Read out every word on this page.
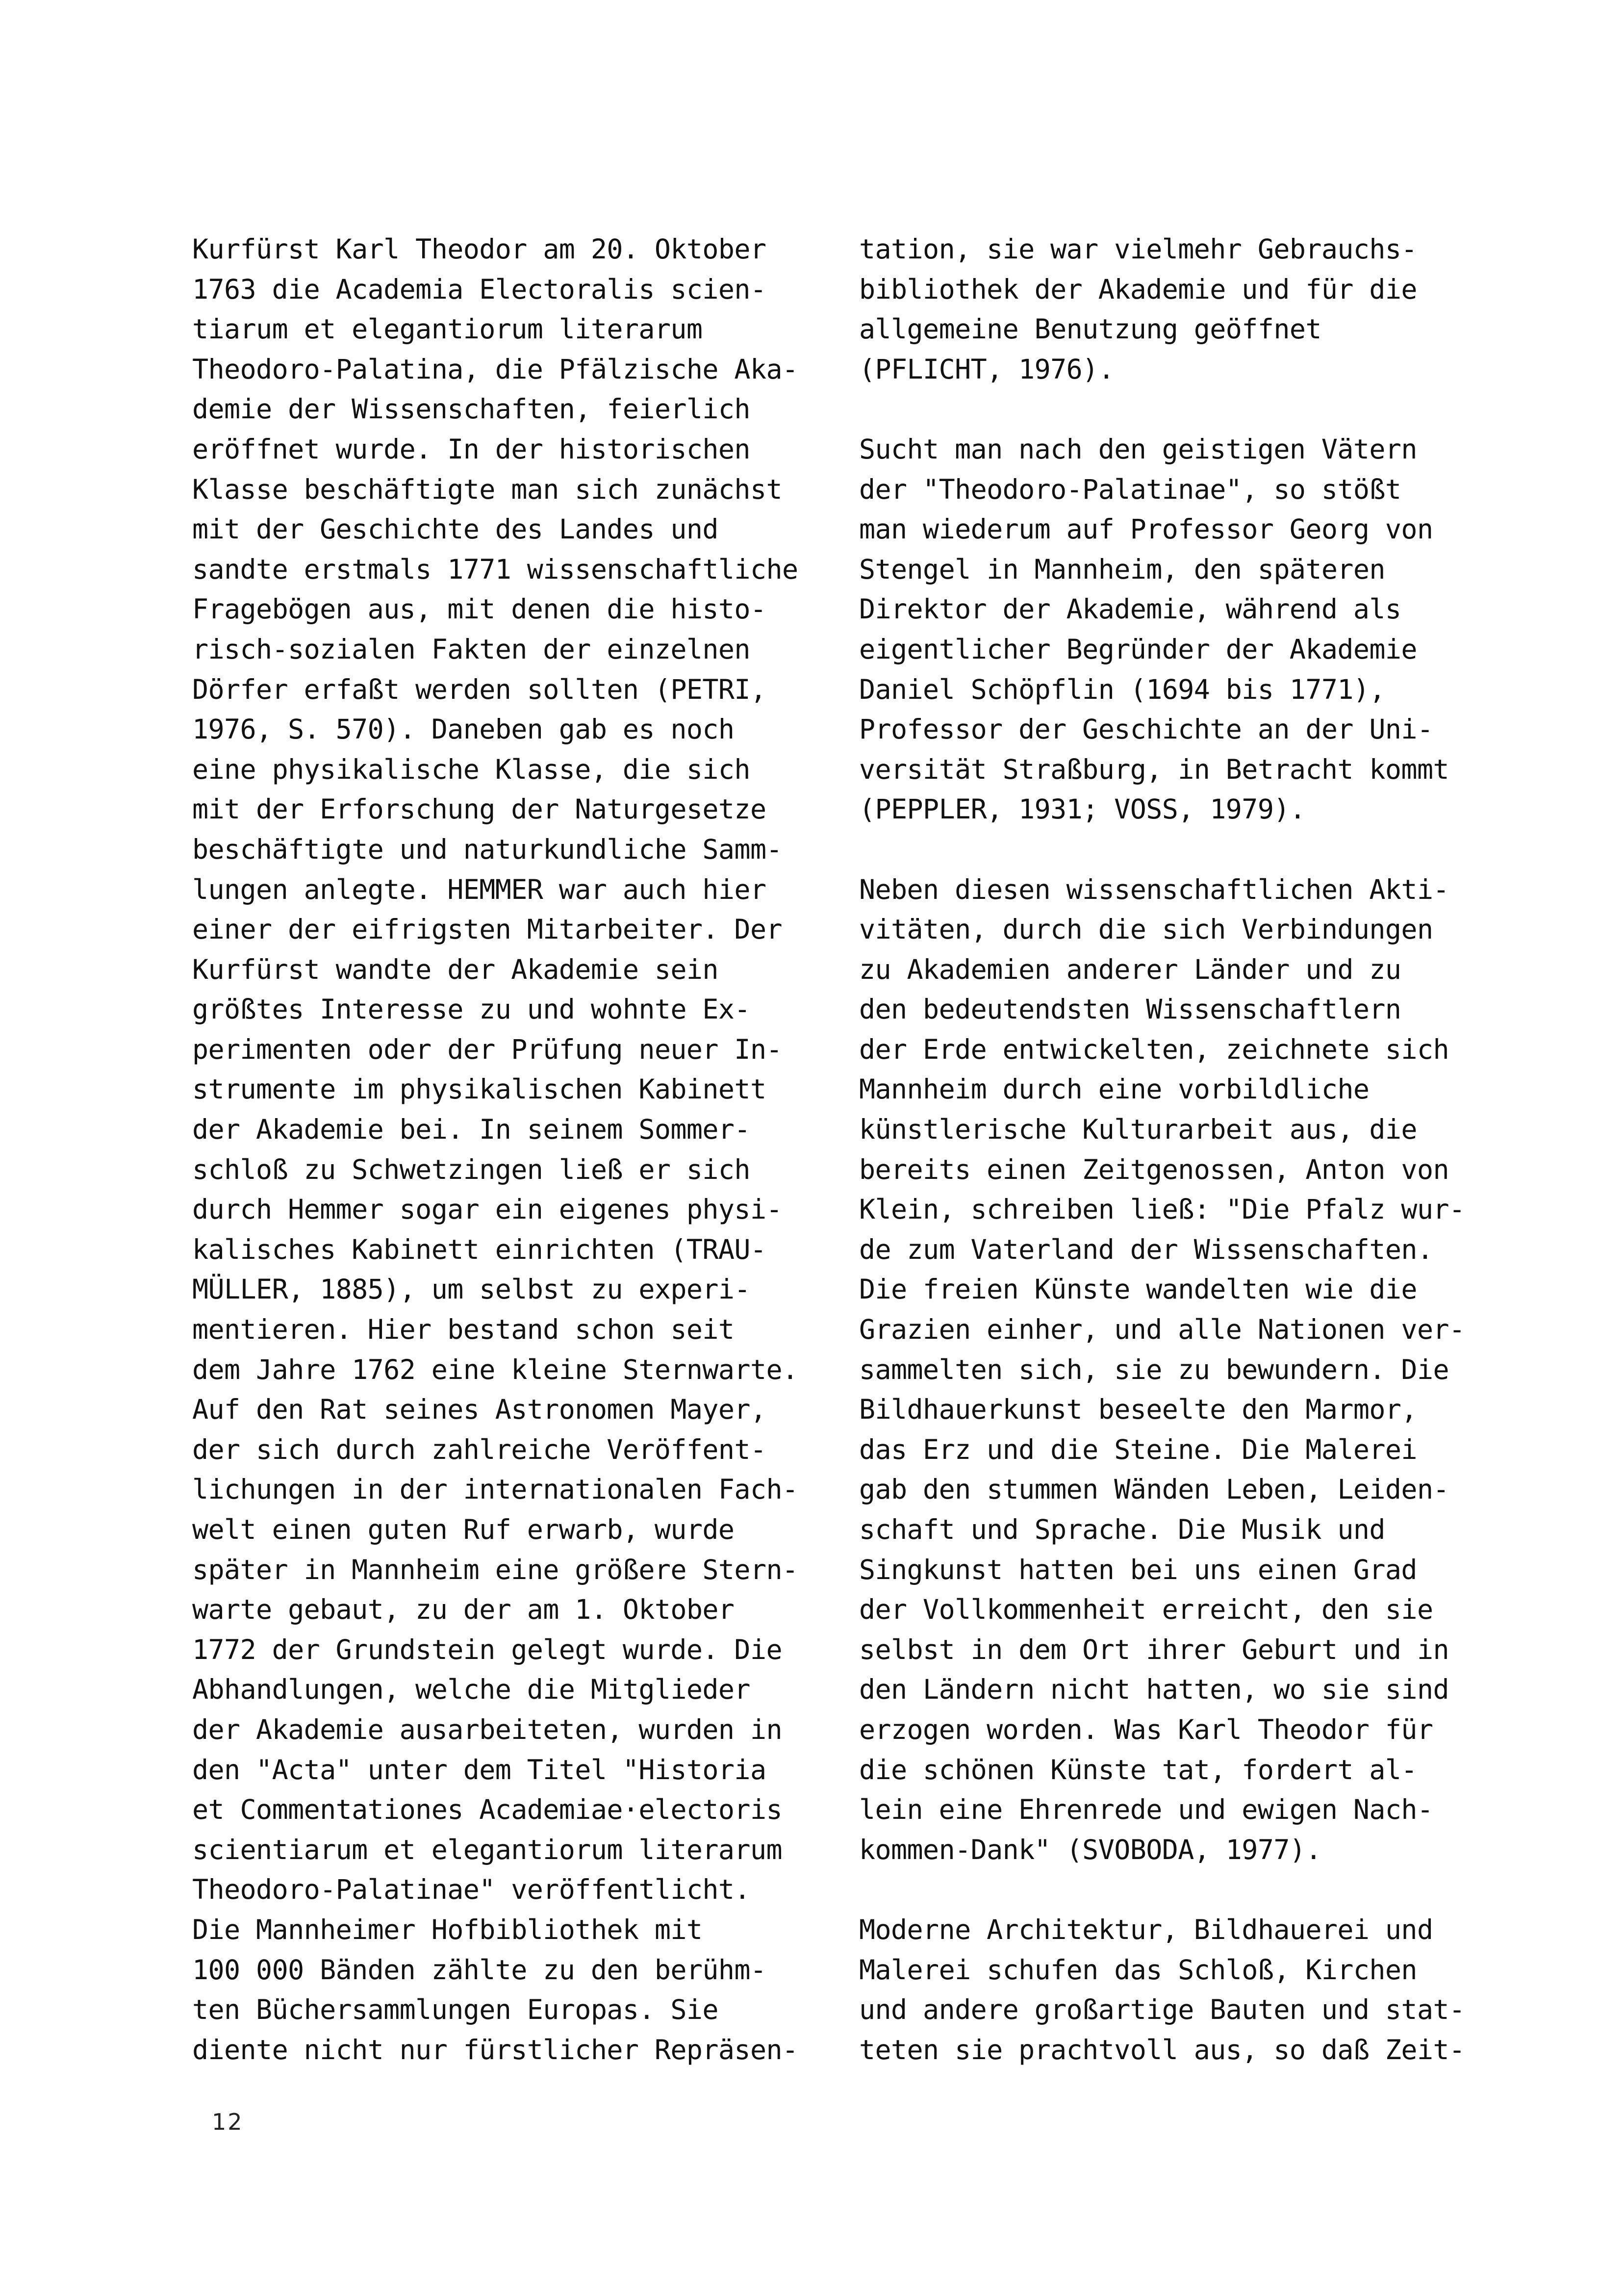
Kurfürst Karl Theodor am 20. Oktober
1763 die Academia Electoralis scien-
tiarum et elegantiorum literarum
Theodoro-Palatina, die Pfälzische Aka-
demie der Wissenschaften, feierlich
eröffnet wurde. In der historischen
Klasse beschäftigte man sich zunächst
mit der Geschichte des Landes und
sandte erstmals 1771 wissenschaftliche
Fragebögen aus, mit denen die histo-
risch-sozialen Fakten der einzelnen
Dörfer erfaßt werden sollten (PETRI,
1976, S. 570). Daneben gab es noch
eine physikalische Klasse, die sich
mit der Erforschung der Naturgesetze
beschäftigte und naturkundliche Samm-
lungen anlegte. HEMMER war auch hier
einer der eifrigsten Mitarbeiter. Der
Kurfürst wandte der Akademie sein
größtes Interesse zu und wohnte Ex-
perimenten oder der Prüfung neuer In-
strumente im physikalischen Kabinett
der Akademie bei. In seinem Sommer-
schloß zu Schwetzingen ließ er sich
durch Hemmer sogar ein eigenes physi-
kalisches Kabinett einrichten (TRAU-
MÜLLER, 1885), um selbst zu experi-
mentieren. Hier bestand schon seit
dem Jahre 1762 eine kleine Sternwarte.
Auf den Rat seines Astronomen Mayer,
der sich durch zahlreiche Veröffent-
lichungen in der internationalen Fach-
welt einen guten Ruf erwarb, wurde
später in Mannheim eine größere Stern-
warte gebaut, zu der am 1. Oktober
1772 der Grundstein gelegt wurde. Die
Abhandlungen, welche die Mitglieder
der Akademie ausarbeiteten, wurden in
den "Acta" unter dem Titel "Historia
et Commentationes Academiae·electoris
scientiarum et elegantiorum literarum
Theodoro-Palatinae" veröffentlicht.
Die Mannheimer Hofbibliothek mit
100 000 Bänden zählte zu den berühm-
ten Büchersammlungen Europas. Sie
diente nicht nur fürstlicher Repräsen-
tation, sie war vielmehr Gebrauchs-
bibliothek der Akademie und für die
allgemeine Benutzung geöffnet
(PFLICHT, 1976).
Sucht man nach den geistigen Vätern
der "Theodoro-Palatinae", so stößt
man wiederum auf Professor Georg von
Stengel in Mannheim, den späteren
Direktor der Akademie, während als
eigentlicher Begründer der Akademie
Daniel Schöpflin (1694 bis 1771),
Professor der Geschichte an der Uni-
versität Straßburg, in Betracht kommt
(PEPPLER, 1931; VOSS, 1979).
Neben diesen wissenschaftlichen Akti-
vitäten, durch die sich Verbindungen
zu Akademien anderer Länder und zu
den bedeutendsten Wissenschaftlern
der Erde entwickelten, zeichnete sich
Mannheim durch eine vorbildliche
künstlerische Kulturarbeit aus, die
bereits einen Zeitgenossen, Anton von
Klein, schreiben ließ: "Die Pfalz wur-
de zum Vaterland der Wissenschaften.
Die freien Künste wandelten wie die
Grazien einher, und alle Nationen ver-
sammelten sich, sie zu bewundern. Die
Bildhauerkunst beseelte den Marmor,
das Erz und die Steine. Die Malerei
gab den stummen Wänden Leben, Leiden-
schaft und Sprache. Die Musik und
Singkunst hatten bei uns einen Grad
der Vollkommenheit erreicht, den sie
selbst in dem Ort ihrer Geburt und in
den Ländern nicht hatten, wo sie sind
erzogen worden. Was Karl Theodor für
die schönen Künste tat, fordert al-
lein eine Ehrenrede und ewigen Nach-
kommen-Dank" (SVOBODA, 1977).
Moderne Architektur, Bildhauerei und
Malerei schufen das Schloß, Kirchen
und andere großartige Bauten und stat-
teten sie prachtvoll aus, so daß Zeit-
12
